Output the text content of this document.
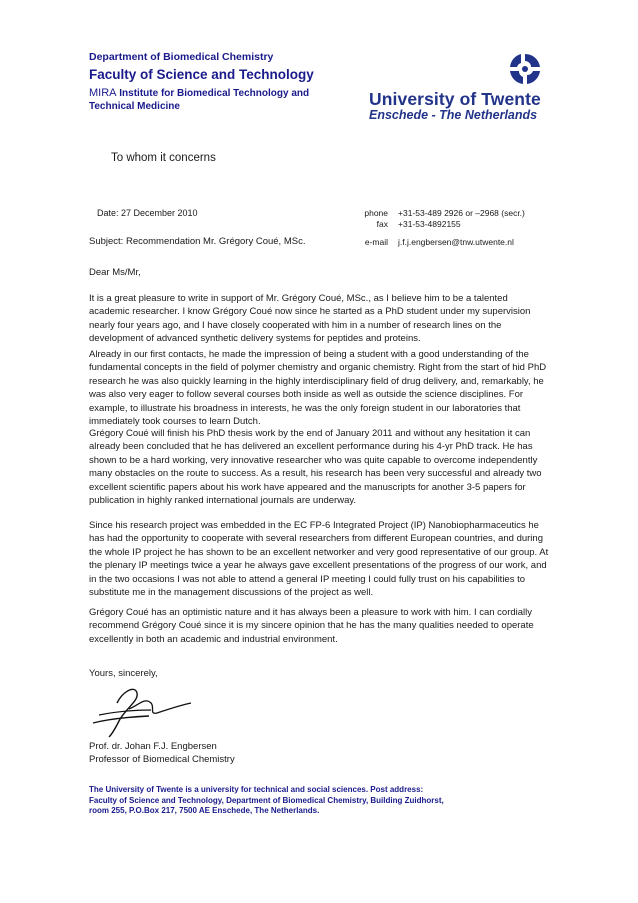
Department of Biomedical Chemistry
Faculty of Science and Technology
MIRA Institute for Biomedical Technology and Technical Medicine	University of Twente
Enschede - The Netherlands
To whom it concerns
Date: 27 December 2010
Subject: Recommendation Mr. Grégory Coué, MSc.
phone +31-53-489 2926 or –2968 (secr.)
fax +31-53-4892155
e-mail j.f.j.engbersen@tnw.utwente.nl
Dear Ms/Mr,
It is a great pleasure to write in support of Mr. Grégory Coué, MSc., as I believe him to be a talented academic researcher. I know Grégory Coué now since he started as a PhD student under my supervision nearly four years ago, and I have closely cooperated with him in a number of research lines on the development of advanced synthetic delivery systems for peptides and proteins.
Already in our first contacts, he made the impression of being a student with a good understanding of the fundamental concepts in the field of polymer chemistry and organic chemistry. Right from the start of hid PhD research he was also quickly learning in the highly interdisciplinary field of drug delivery, and, remarkably, he was also very eager to follow several courses both inside as well as outside the science disciplines. For example, to illustrate his broadness in interests, he was the only foreign student in our laboratories that immediately took courses to learn Dutch.
Grégory Coué will finish his PhD thesis work by the end of January 2011 and without any hesitation it can already been concluded that he has delivered an excellent performance during his 4-yr PhD track. He has shown to be a hard working, very innovative researcher who was quite capable to overcome independently many obstacles on the route to success. As a result, his research has been very successful and already two excellent scientific papers about his work have appeared and the manuscripts for another 3-5 papers for publication in highly ranked international journals are underway.
Since his research project was embedded in the EC FP-6 Integrated Project (IP) Nanobiopharmaceutics he has had the opportunity to cooperate with several researchers from different European countries, and during the whole IP project he has shown to be an excellent networker and very good representative of our group. At the plenary IP meetings twice a year he always gave excellent presentations of the progress of our work, and in the two occasions I was not able to attend a general IP meeting I could fully trust on his capabilities to substitute me in the management discussions of the project as well.
Grégory Coué has an optimistic nature and it has always been a pleasure to work with him. I can cordially recommend Grégory Coué since it is my sincere opinion that he has the many qualities needed to operate excellently in both an academic and industrial environment.
Yours, sincerely,
Prof. dr. Johan F.J. Engbersen
Professor of Biomedical Chemistry
The University of Twente is a university for technical and social sciences. Post address: Faculty of Science and Technology, Department of Biomedical Chemistry, Building Zuidhorst, room 255, P.O.Box 217, 7500 AE Enschede, The Netherlands.
